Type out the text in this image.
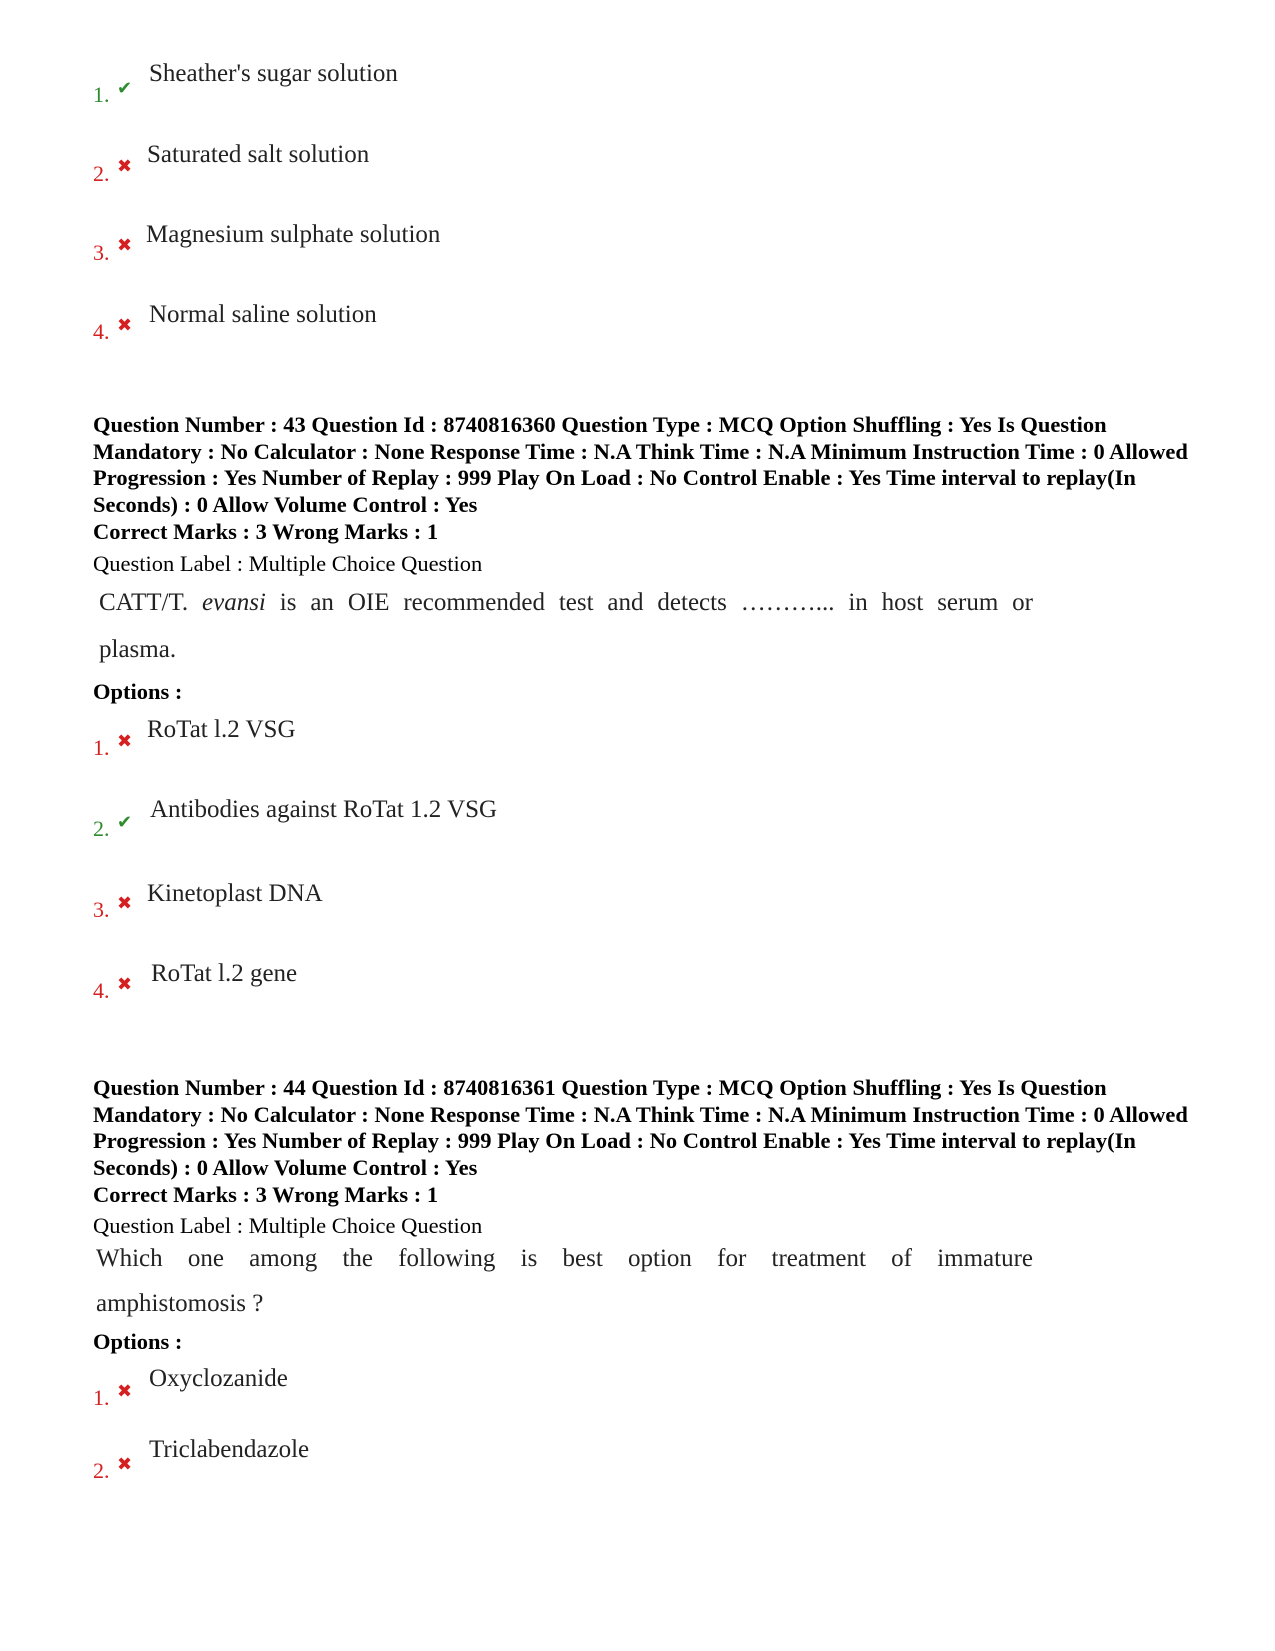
1. ✔
Sheather's sugar solution
2. ✖ Saturated salt solution
3. ✖ Magnesium sulphate solution
4. ✖ Normal saline solution
Question Number : 43 Question Id : 8740816360 Question Type : MCQ Option Shuffling : Yes Is Question Mandatory : No Calculator : None Response Time : N.A Think Time : N.A Minimum Instruction Time : 0 Allowed Progression : Yes Number of Replay : 999 Play On Load : No Control Enable : Yes Time interval to replay(In Seconds) : 0 Allow Volume Control : Yes
Correct Marks : 3 Wrong Marks : 1
Question Label : Multiple Choice Question
CATT/T. evansi is an OIE recommended test and detects ………... in host serum or
plasma.
Options :
1. ✖ RoTat l.2 VSG
2. ✔ Antibodies against RoTat 1.2 VSG
3. ✖ Kinetoplast DNA
4. ✖ RoTat l.2 gene
Question Number : 44 Question Id : 8740816361 Question Type : MCQ Option Shuffling : Yes Is Question Mandatory : No Calculator : None Response Time : N.A Think Time : N.A Minimum Instruction Time : 0 Allowed Progression : Yes Number of Replay : 999 Play On Load : No Control Enable : Yes Time interval to replay(In Seconds) : 0 Allow Volume Control : Yes
Correct Marks : 3 Wrong Marks : 1
Question Label : Multiple Choice Question
Which one among the following is best option for treatment of immature
amphistomosis ?
Options :
1. ✖ Oxyclozanide
2. ✖
Triclabendazole
